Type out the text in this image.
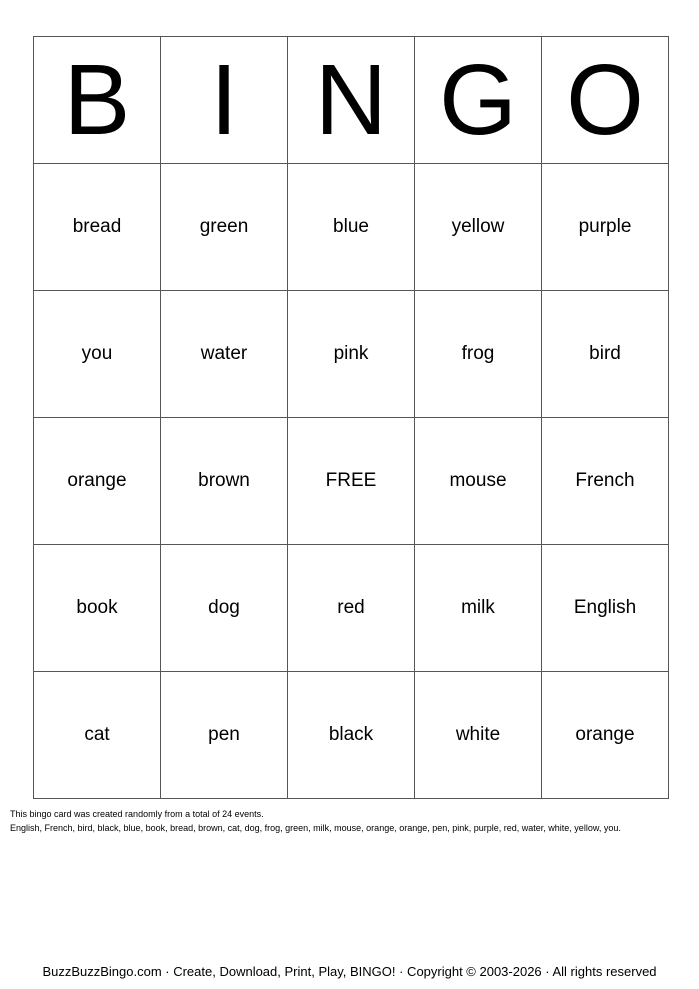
B	I	N	G	O
bread	green	blue	yellow	purple
you	water	pink	frog	bird
orange	brown	FREE	mouse	French
book	dog	red	milk	English
cat	pen	black	white	orange
This bingo card was created randomly from a total of 24 events.
English, French, bird, black, blue, book, bread, brown, cat, dog, frog, green, milk, mouse, orange, orange, pen, pink, purple, red, water, white, yellow, you.
BuzzBuzzBingo.com · Create, Download, Print, Play, BINGO! · Copyright © 2003-2026 · All rights reserved
